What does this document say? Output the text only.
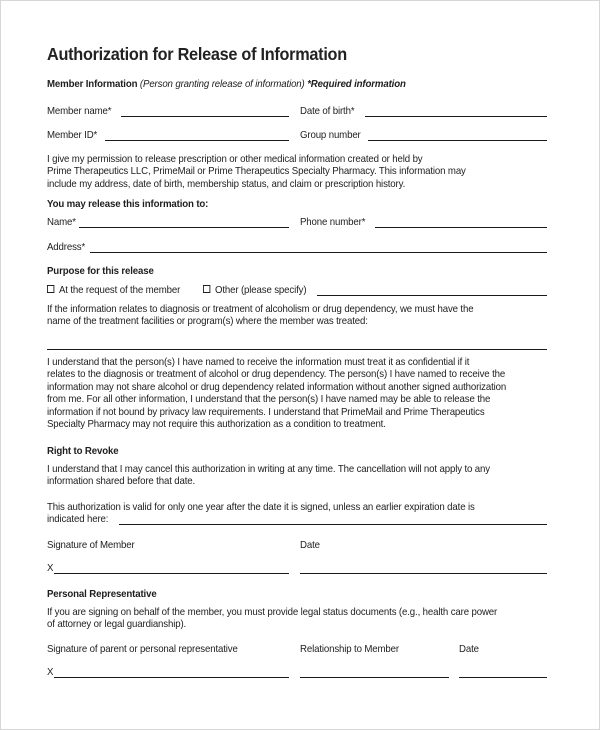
Authorization for Release of Information
Member Information (Person granting release of information) *Required information
Member name*	Date of birth*
Member ID*	Group number
I give my permission to release prescription or other medical information created or held by
Prime Therapeutics LLC, PrimeMail or Prime Therapeutics Specialty Pharmacy. This information may
include my address, date of birth, membership status, and claim or prescription history.
You may release this information to:
Name*	Phone number*
Address*
Purpose for this release
At the request of the member	Other (please specify)
If the information relates to diagnosis or treatment of alcoholism or drug dependency, we must have the
name of the treatment facilities or program(s) where the member was treated:
I understand that the person(s) I have named to receive the information must treat it as confidential if it
relates to the diagnosis or treatment of alcohol or drug dependency. The person(s) I have named to receive the
information may not share alcohol or drug dependency related information without another signed authorization
from me. For all other information, I understand that the person(s) I have named may be able to release the
information if not bound by privacy law requirements. I understand that PrimeMail and Prime Therapeutics
Specialty Pharmacy may not require this authorization as a condition to treatment.
Right to Revoke
I understand that I may cancel this authorization in writing at any time. The cancellation will not apply to any
information shared before that date.
This authorization is valid for only one year after the date it is signed, unless an earlier expiration date is
indicated here:
Signature of Member	Date
X
Personal Representative
If you are signing on behalf of the member, you must provide legal status documents (e.g., health care power
of attorney or legal guardianship).
Signature of parent or personal representative	Relationship to Member	Date
X
